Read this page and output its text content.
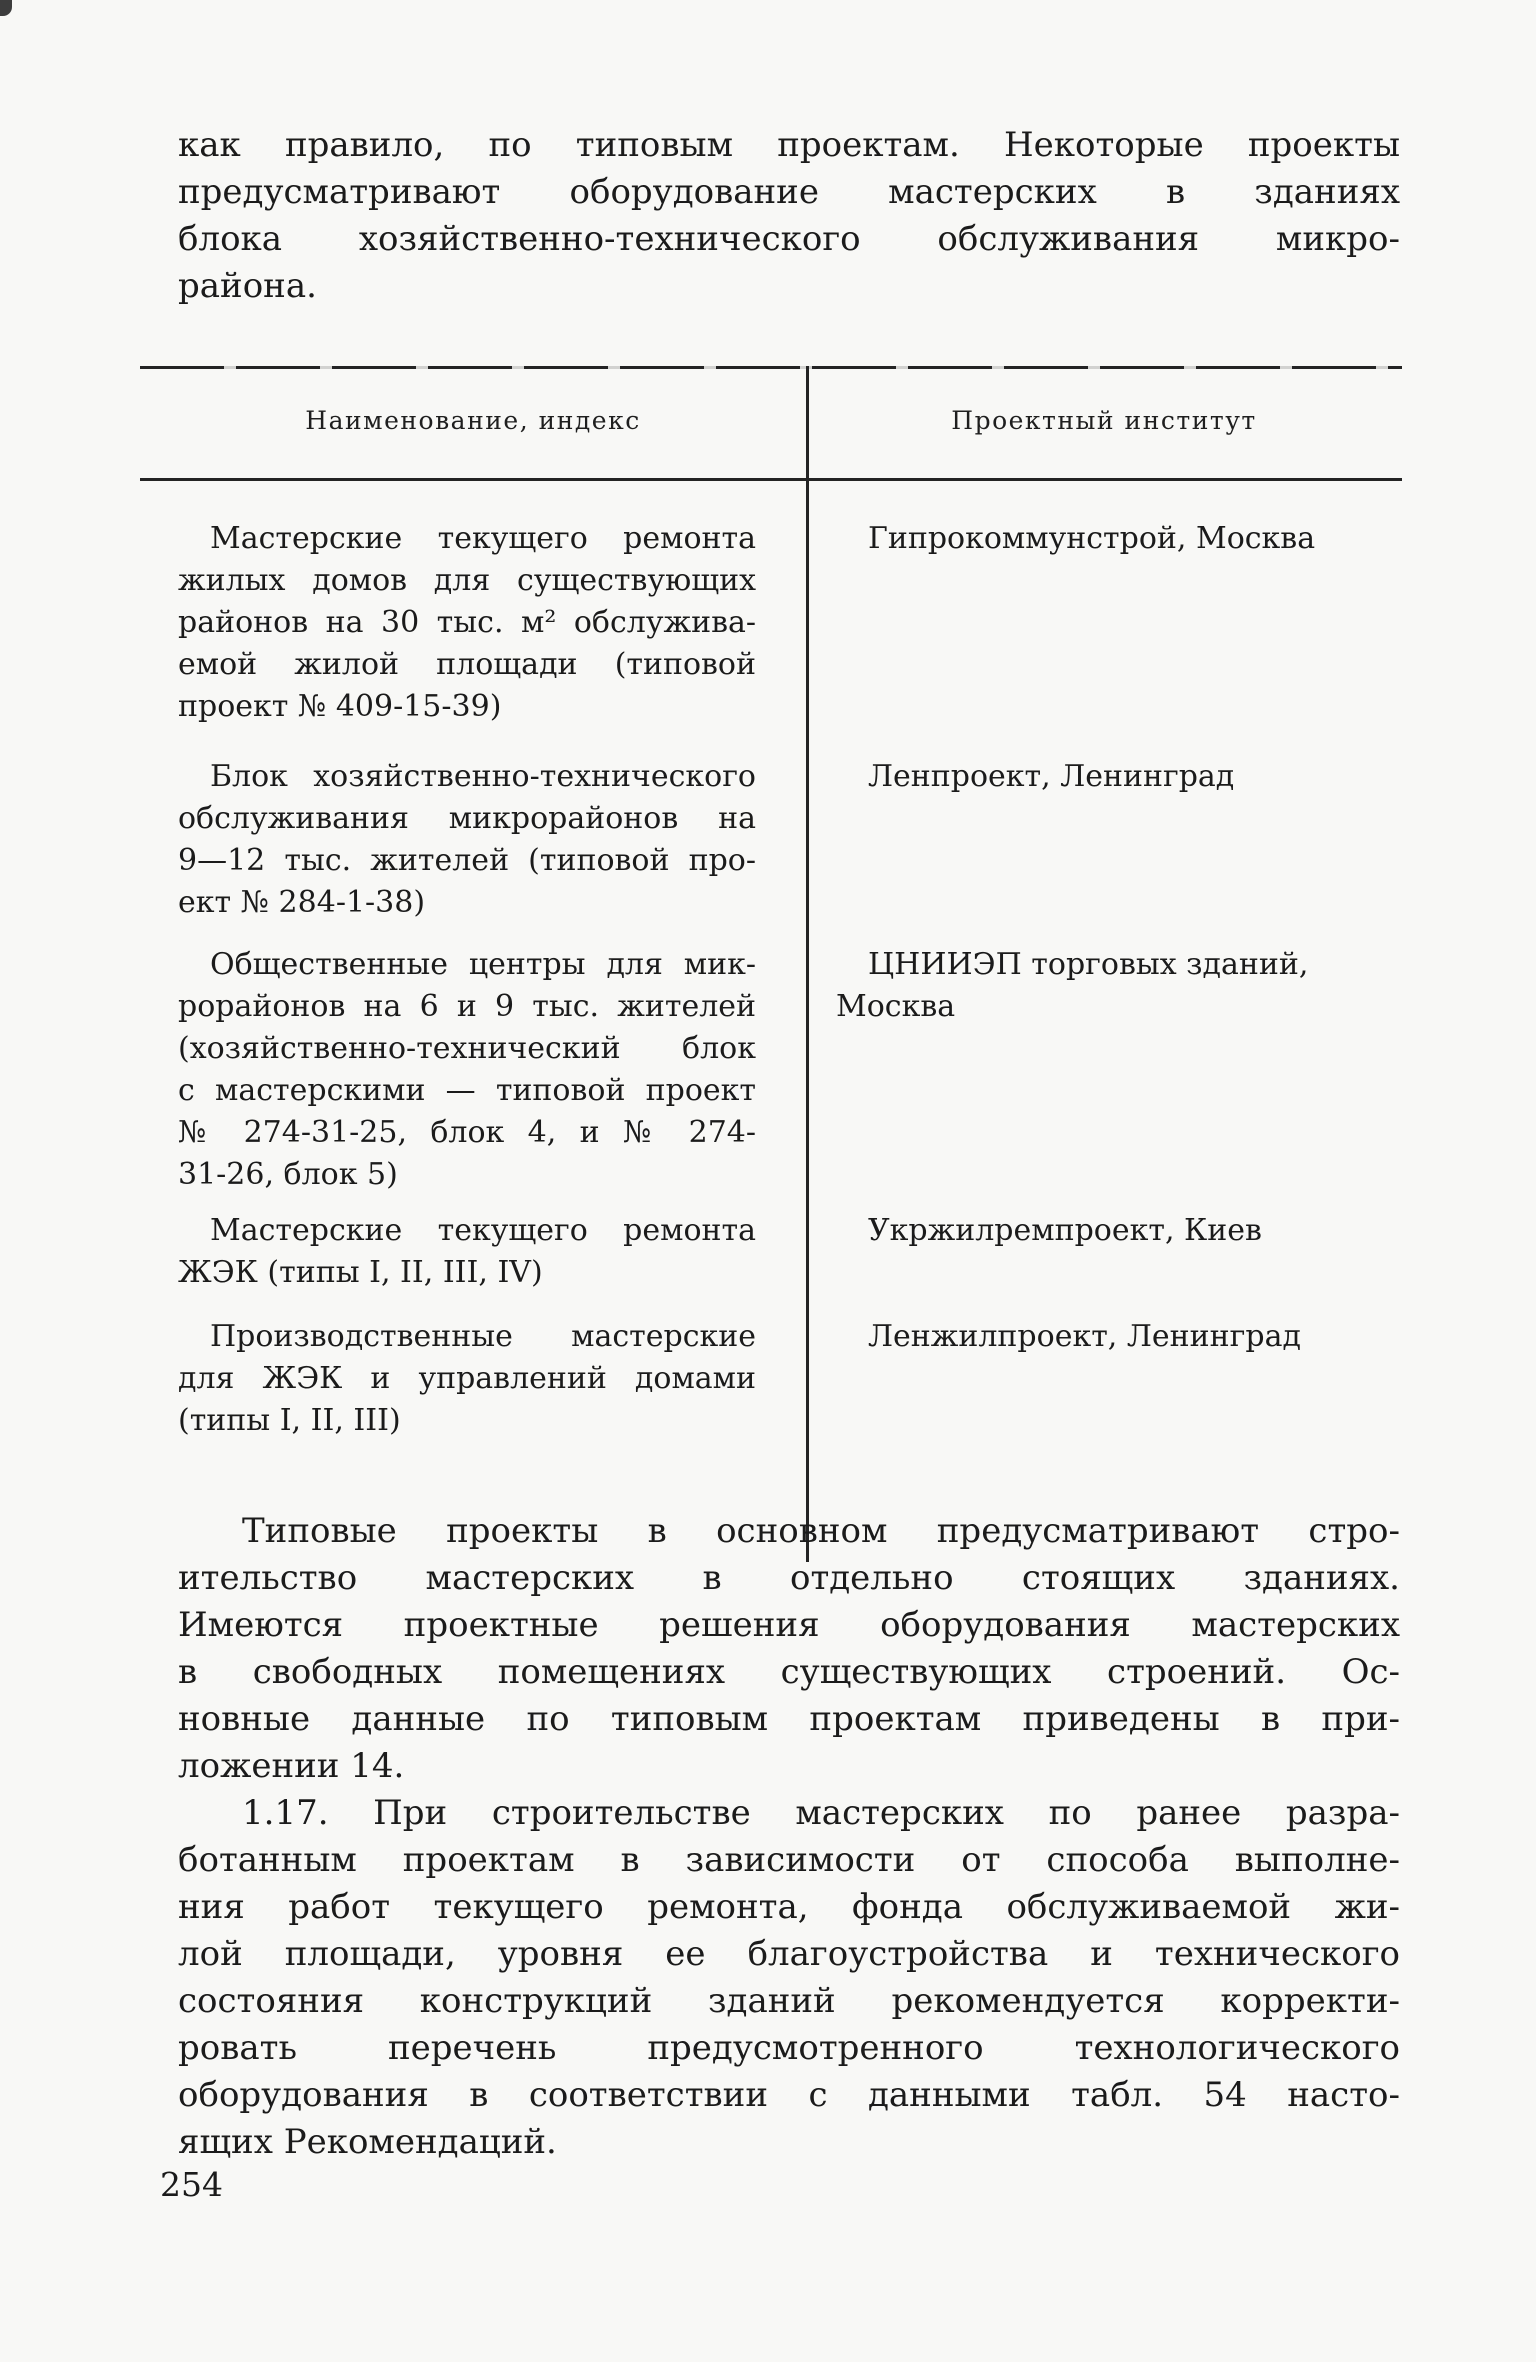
как правило, по типовым проектам. Некоторые проекты
предусматривают оборудование мастерских в зданиях
блока хозяйственно-технического обслуживания микро-
района.
Наименование, индекс	Проектный институт
Мастерские текущего ремонта
жилых домов для существующих
районов на 30 тыс. м² обслужива-
емой жилой площади (типовой
проект № 409-15-39)
Гипрокоммунстрой, Москва
Блок хозяйственно-технического
обслуживания микрорайонов на
9—12 тыс. жителей (типовой про-
ект № 284-1-38)
Ленпроект, Ленинград
Общественные центры для мик-
рорайонов на 6 и 9 тыс. жителей
(хозяйственно-технический блок
с мастерскими — типовой проект
№ 274-31-25, блок 4, и № 274-
31-26, блок 5)
ЦНИИЭП торговых зданий,
Москва
Мастерские текущего ремонта
ЖЭК (типы I, II, III, IV)
Укржилремпроект, Киев
Производственные мастерские
для ЖЭК и управлений домами
(типы I, II, III)
Ленжилпроект, Ленинград
Типовые проекты в основном предусматривают стро-
ительство мастерских в отдельно стоящих зданиях.
Имеются проектные решения оборудования мастерских
в свободных помещениях существующих строений. Ос-
новные данные по типовым проектам приведены в при-
ложении 14.
1.17. При строительстве мастерских по ранее разра-
ботанным проектам в зависимости от способа выполне-
ния работ текущего ремонта, фонда обслуживаемой жи-
лой площади, уровня ее благоустройства и технического
состояния конструкций зданий рекомендуется корректи-
ровать перечень предусмотренного технологического
оборудования в соответствии с данными табл. 54 насто-
ящих Рекомендаций.
254
